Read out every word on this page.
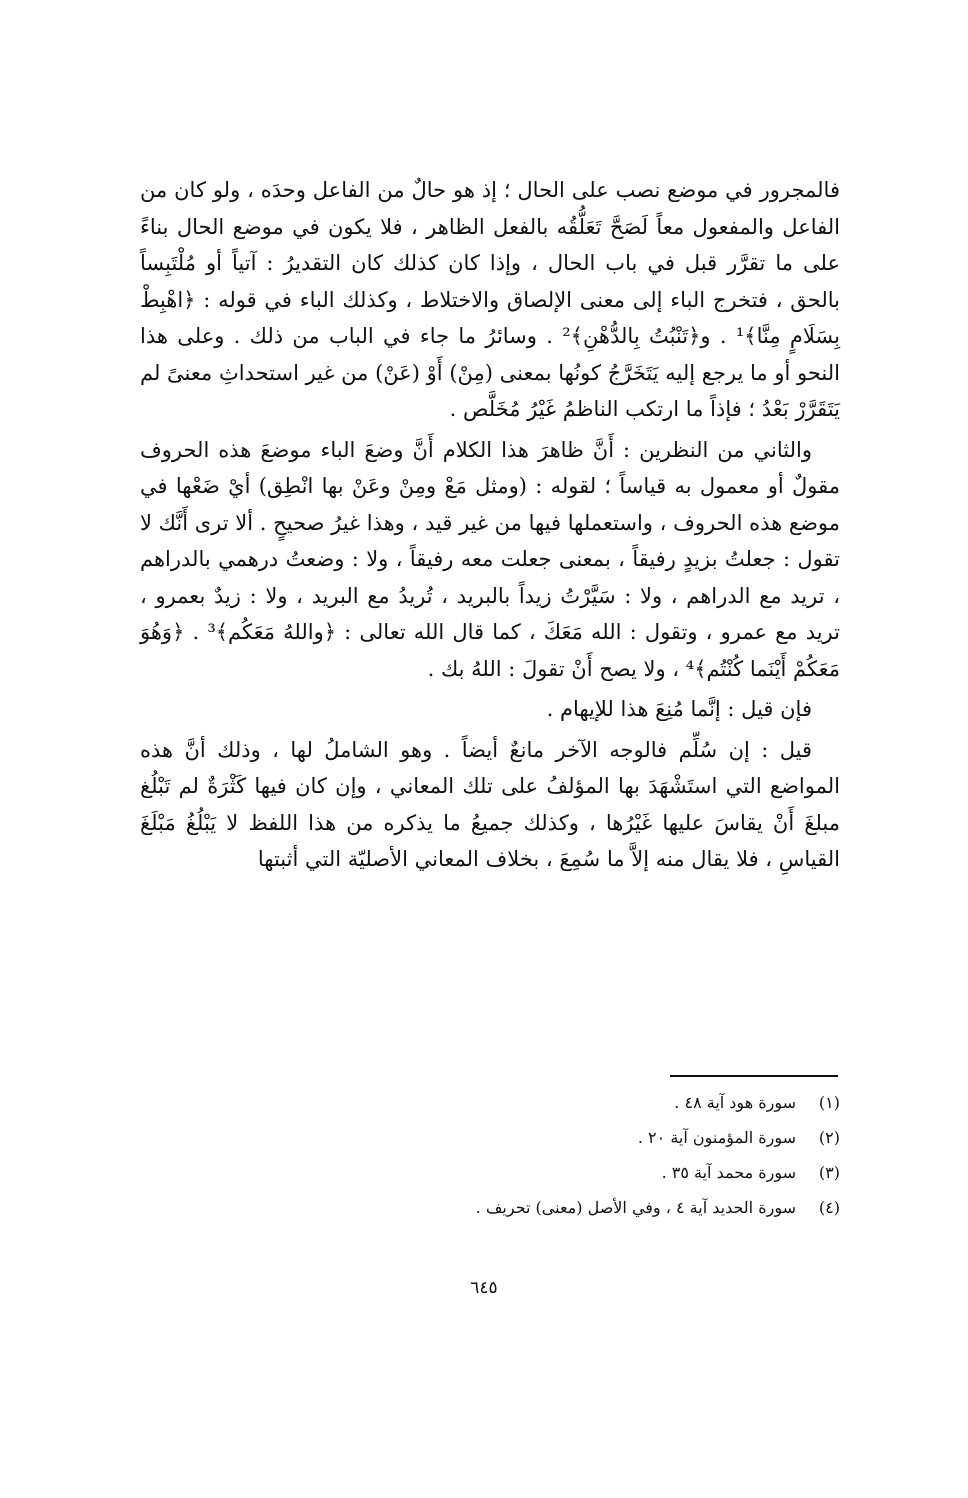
فالمجرور في موضع نصب على الحال ؛ إذ هو حالٌ من الفاعل وحدَه ، ولو كان من الفاعل والمفعول معاً لَصَحَّ تَعَلُّقُه بالفعل الظاهر ، فلا يكون في موضع الحال بناءً على ما تقرَّر قبل في باب الحال ، وإذا كان كذلك كان التقديرُ : آتياً أو مُلْتَبِساً بالحق ، فتخرج الباء إلى معنى الإلصاق والاختلاط ، وكذلك الباء في قوله : ﴿اهْبِطْ بِسَلَامٍ مِنَّا﴾¹ . و﴿تَنْبُتُ بِالدُّهْنِ﴾² . وسائرُ ما جاء في الباب من ذلك . وعلى هذا النحو أو ما يرجع إليه يَتَخَرَّجُ كونُها بمعنى (مِنْ) أَوْ (عَنْ) من غير استحداثِ معنىً لم يَتَقَرَّرْ بَعْدُ ؛ فإذاً ما ارتكب الناظمُ غَيْرُ مُخَلَّص .

والثاني من النظرين : أَنَّ ظاهرَ هذا الكلام أَنَّ وضعَ الباء موضعَ هذه الحروف مقولٌ أو معمول به قياساً ؛ لقوله : (ومثل مَعْ ومِنْ وعَنْ بها انْطِق) أيْ ضَعْها في موضع هذه الحروف ، واستعملها فيها من غير قيد ، وهذا غيرُ صحيحٍ . ألا ترى أَنَّك لا تقول : جعلتُ بزيدٍ رفيقاً ، بمعنى جعلت معه رفيقاً ، ولا : وضعتُ درهمي بالدراهم ، تريد مع الدراهم ، ولا : سَيَّرْتُ زيداً بالبريد ، تُريدُ مع البريد ، ولا : زيدٌ بعمرو ، تريد مع عمرو ، وتقول : الله مَعَكَ ، كما قال الله تعالى : ﴿واللهُ مَعَكُم﴾³ . ﴿وَهُوَ مَعَكُمْ أَيْنَما كُنْتُم﴾⁴ ، ولا يصح أَنْ تقولَ : اللهُ بك .

فإن قيل : إنَّما مُنِعَ هذا للإيهام .

قيل : إن سُلِّم فالوجه الآخر مانعٌ أيضاً . وهو الشاملُ لها ، وذلك أنَّ هذه المواضع التي استَشْهَدَ بها المؤلفُ على تلك المعاني ، وإن كان فيها كَثْرَةٌ لم تَبْلُغ مبلغَ أَنْ يقاسَ عليها غَيْرُها ، وكذلك جميعُ ما يذكره من هذا اللفظ لا يَبْلُغُ مَبْلَغَ القياسِ ، فلا يقال منه إلاَّ ما سُمِعَ ، بخلاف المعاني الأصليّة التي أثبتها

(١)
سورة هود آية ٤٨ .
(٢)
سورة المؤمنون آية ٢٠ .
(٣)
سورة محمد آية ٣٥ .
(٤)
سورة الحديد آية ٤ ، وفي الأصل (معنى) تحريف .
٦٤٥
